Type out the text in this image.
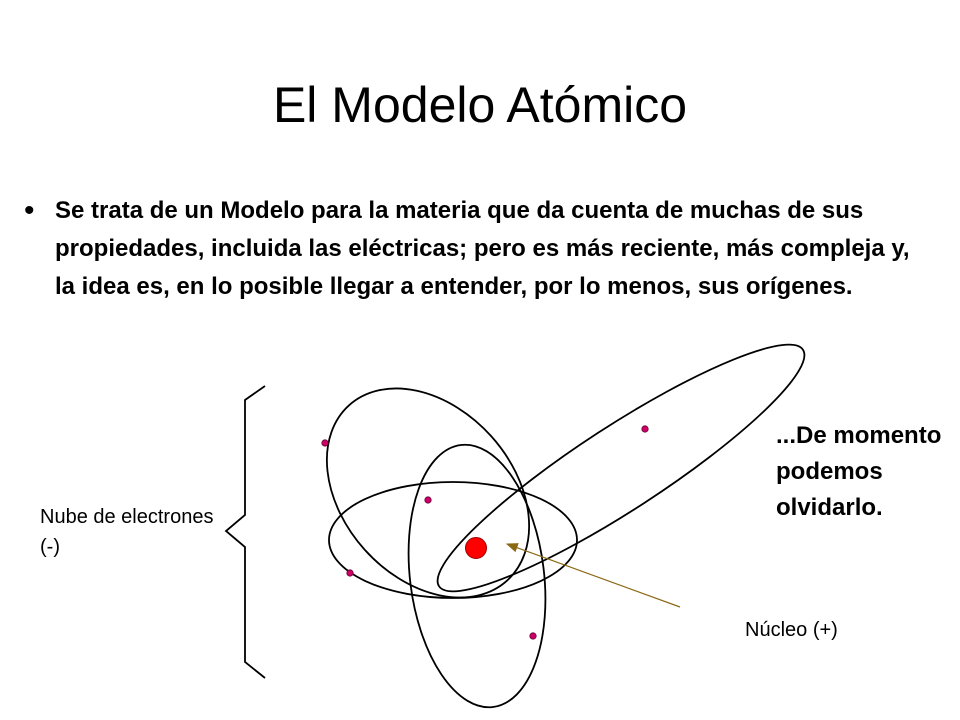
El Modelo Atómico
• Se trata de un Modelo para la materia que da cuenta de muchas de sus propiedades, incluida las eléctricas; pero es más reciente, más compleja y, la idea es, en lo posible llegar a entender, por lo menos, sus orígenes.
Nube de electrones (-)
Núcleo (+)
...De momento podemos olvidarlo.
